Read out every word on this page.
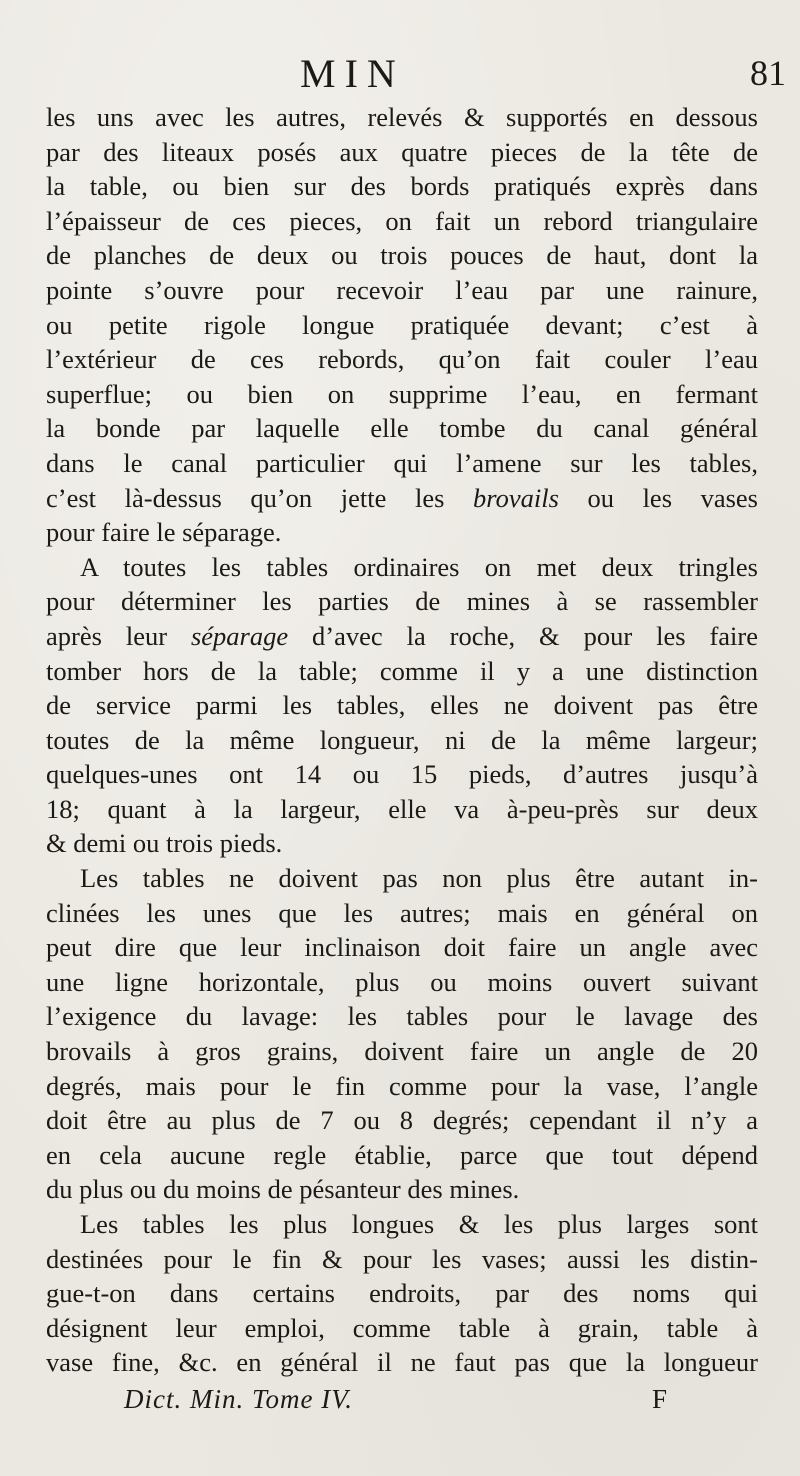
MIN	81
les uns avec les autres, relevés & supportés en dessous
par des liteaux posés aux quatre pieces de la tête de
la table, ou bien sur des bords pratiqués exprès dans
l’épaisseur de ces pieces, on fait un rebord triangulaire
de planches de deux ou trois pouces de haut, dont la
pointe s’ouvre pour recevoir l’eau par une rainure,
ou petite rigole longue pratiquée devant; c’est à
l’extérieur de ces rebords, qu’on fait couler l’eau
superflue; ou bien on supprime l’eau, en fermant
la bonde par laquelle elle tombe du canal général
dans le canal particulier qui l’amene sur les tables,
c’est là-dessus qu’on jette les brovails ou les vases
pour faire le séparage.
A toutes les tables ordinaires on met deux tringles
pour déterminer les parties de mines à se rassembler
après leur séparage d’avec la roche, & pour les faire
tomber hors de la table; comme il y a une distinction
de service parmi les tables, elles ne doivent pas être
toutes de la même longueur, ni de la même largeur;
quelques-unes ont 14 ou 15 pieds, d’autres jusqu’à
18; quant à la largeur, elle va à-peu-près sur deux
& demi ou trois pieds.
Les tables ne doivent pas non plus être autant in-
clinées les unes que les autres; mais en général on
peut dire que leur inclinaison doit faire un angle avec
une ligne horizontale, plus ou moins ouvert suivant
l’exigence du lavage: les tables pour le lavage des
brovails à gros grains, doivent faire un angle de 20
degrés, mais pour le fin comme pour la vase, l’angle
doit être au plus de 7 ou 8 degrés; cependant il n’y a
en cela aucune regle établie, parce que tout dépend
du plus ou du moins de pésanteur des mines.
Les tables les plus longues & les plus larges sont
destinées pour le fin & pour les vases; aussi les distin-
gue-t-on dans certains endroits, par des noms qui
désignent leur emploi, comme table à grain, table à
vase fine, &c. en général il ne faut pas que la longueur
Dict. Min. Tome IV.	F
